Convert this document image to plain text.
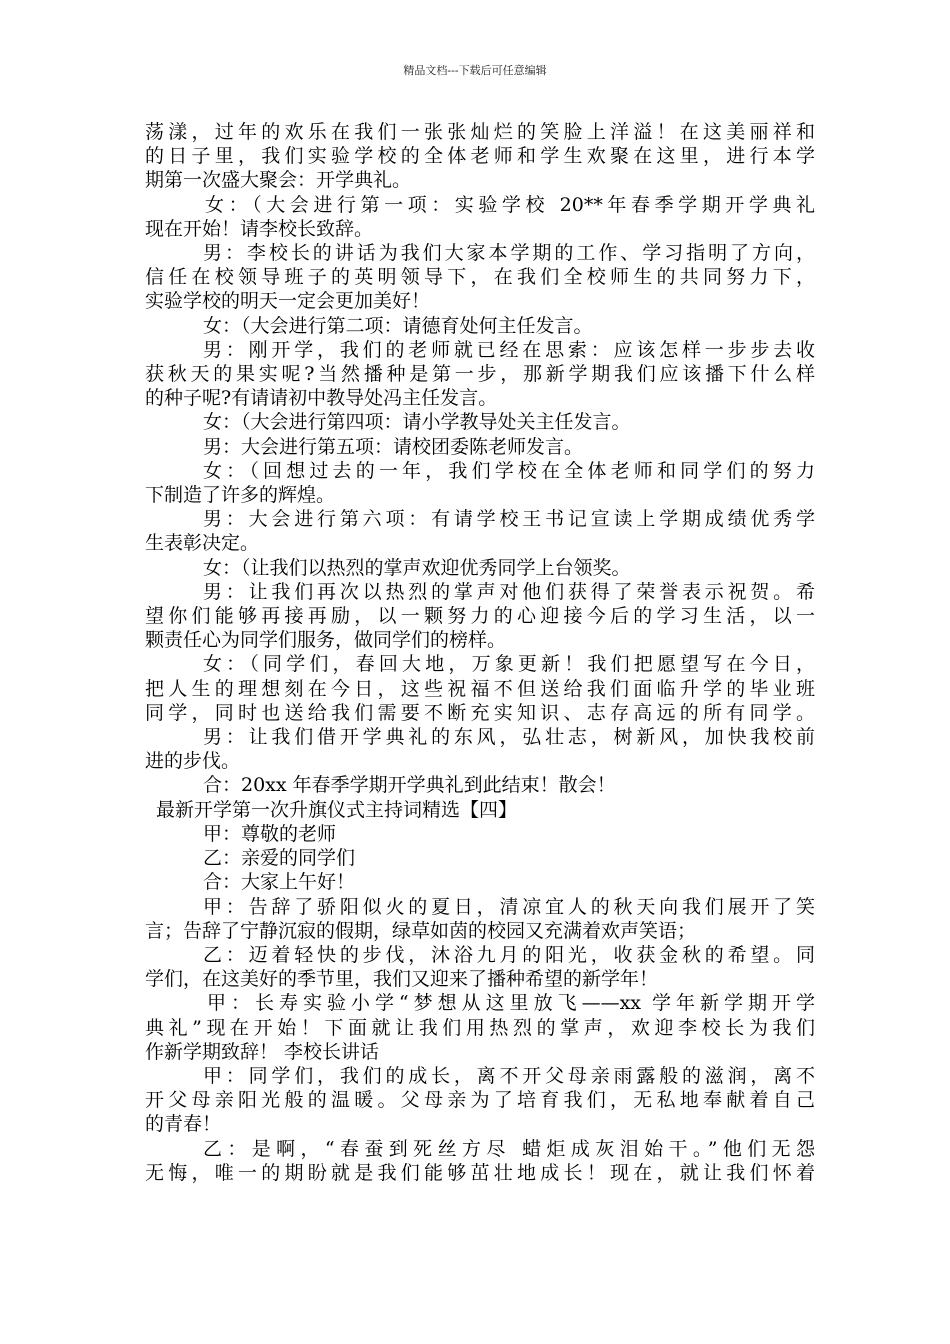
精品文档---下载后可任意编辑
荡漾，过年的欢乐在我们一张张灿烂的笑脸上洋溢！在这美丽祥和
的日子里，我们实验学校的全体老师和学生欢聚在这里，进行本学
期第一次盛大聚会：开学典礼。
女：（大会进行第一项：实验学校 20**年春季学期开学典礼
现在开始！请李校长致辞。
男：李校长的讲话为我们大家本学期的工作、学习指明了方向，
信任在校领导班子的英明领导下，在我们全校师生的共同努力下，
实验学校的明天一定会更加美好！
女：（大会进行第二项：请德育处何主任发言。
男：刚开学，我们的老师就已经在思索：应该怎样一步步去收
获秋天的果实呢?当然播种是第一步，那新学期我们应该播下什么样
的种子呢?有请请初中教导处冯主任发言。
女：（大会进行第四项：请小学教导处关主任发言。
男：大会进行第五项：请校团委陈老师发言。
女：（回想过去的一年，我们学校在全体老师和同学们的努力
下制造了许多的辉煌。
男：大会进行第六项：有请学校王书记宣读上学期成绩优秀学
生表彰决定。
女：（让我们以热烈的掌声欢迎优秀同学上台领奖。
男：让我们再次以热烈的掌声对他们获得了荣誉表示祝贺。希
望你们能够再接再励，以一颗努力的心迎接今后的学习生活，以一
颗责任心为同学们服务，做同学们的榜样。
女：（同学们，春回大地，万象更新！我们把愿望写在今日，
把人生的理想刻在今日，这些祝福不但送给我们面临升学的毕业班
同学，同时也送给我们需要不断充实知识、志存高远的所有同学。
男：让我们借开学典礼的东风，弘壮志，树新风，加快我校前
进的步伐。
合：20xx 年春季学期开学典礼到此结束！散会！
最新开学第一次升旗仪式主持词精选【四】
甲：尊敬的老师
乙：亲爱的同学们
合：大家上午好！
甲：告辞了骄阳似火的夏日，清凉宜人的秋天向我们展开了笑
言；告辞了宁静沉寂的假期，绿草如茵的校园又充满着欢声笑语；
乙：迈着轻快的步伐，沐浴九月的阳光，收获金秋的希望。同
学们，在这美好的季节里，我们又迎来了播种希望的新学年！
甲：长寿实验小学“梦想从这里放飞——xx 学年新学期开学
典礼”现在开始！下面就让我们用热烈的掌声，欢迎李校长为我们
作新学期致辞！ 李校长讲话
甲：同学们，我们的成长，离不开父母亲雨露般的滋润，离不
开父母亲阳光般的温暖。父母亲为了培育我们，无私地奉献着自己
的青春！
乙：是啊，“春蚕到死丝方尽 蜡炬成灰泪始干。”他们无怨
无悔，唯一的期盼就是我们能够茁壮地成长！现在，就让我们怀着
